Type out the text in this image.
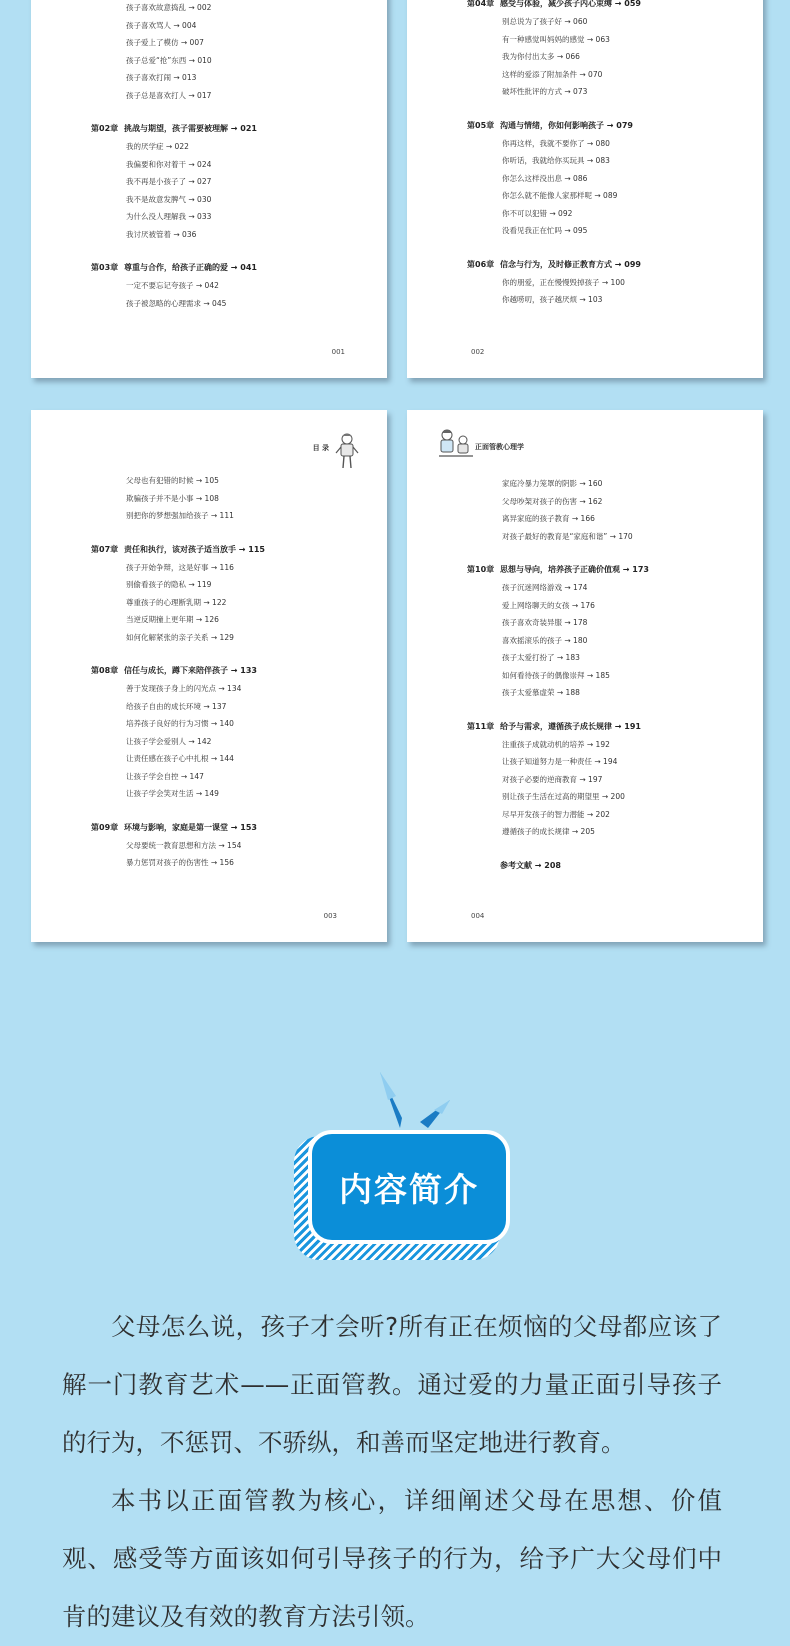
孩子喜欢故意捣乱 → 002
孩子喜欢骂人 → 004
孩子爱上了模仿 → 007
孩子总爱“抢”东西 → 010
孩子喜欢打闹 → 013
孩子总是喜欢打人 → 017
第02章 挑战与期望，孩子需要被理解 → 021
我的厌学症 → 022
我偏要和你对着干 → 024
我不再是小孩子了 → 027
我不是故意发脾气 → 030
为什么没人理解我 → 033
我讨厌被管着 → 036
第03章 尊重与合作，给孩子正确的爱 → 041
一定不要忘记夸孩子 → 042
孩子被忽略的心理需求 → 045
001
第04章 感受与体验，减少孩子内心束缚 → 059
别总说为了孩子好 → 060
有一种感觉叫妈妈的感觉 → 063
我为你付出太多 → 066
这样的爱添了附加条件 → 070
破坏性批评的方式 → 073
第05章 沟通与情绪，你如何影响孩子 → 079
你再这样，我就不要你了 → 080
你听话，我就给你买玩具 → 083
你怎么这样没出息 → 086
你怎么就不能像人家那样呢 → 089
你不可以犯错 → 092
没看见我正在忙吗 → 095
第06章 信念与行为，及时修正教育方式 → 099
你的朋爱，正在慢慢毁掉孩子 → 100
你越唠叨，孩子越厌烦 → 103
002
目 录
父母也有犯错的时候 → 105
欺骗孩子并不是小事 → 108
别把你的梦想强加给孩子 → 111
第07章 责任和执行，该对孩子适当放手 → 115
孩子开始争辩，这是好事 → 116
别偷看孩子的隐私 → 119
尊重孩子的心理断乳期 → 122
当逆反期撞上更年期 → 126
如何化解紧张的亲子关系 → 129
第08章 信任与成长，蹲下来陪伴孩子 → 133
善于发现孩子身上的闪光点 → 134
给孩子自由的成长环境 → 137
培养孩子良好的行为习惯 → 140
让孩子学会爱别人 → 142
让责任感在孩子心中扎根 → 144
让孩子学会自控 → 147
让孩子学会笑对生活 → 149
第09章 环境与影响，家庭是第一课堂 → 153
父母要统一教育思想和方法 → 154
暴力惩罚对孩子的伤害性 → 156
003
正面管教心理学
家庭冷暴力笼罩的阴影 → 160
父母吵架对孩子的伤害 → 162
离异家庭的孩子教育 → 166
对孩子最好的教育是“家庭和谐” → 170
第10章 思想与导向，培养孩子正确价值观 → 173
孩子沉迷网络游戏 → 174
爱上网络聊天的女孩 → 176
孩子喜欢奇装异服 → 178
喜欢摇滚乐的孩子 → 180
孩子太爱打扮了 → 183
如何看待孩子的偶像崇拜 → 185
孩子太爱慕虚荣 → 188
第11章 给予与需求，遵循孩子成长规律 → 191
注重孩子成就动机的培养 → 192
让孩子知道努力是一种责任 → 194
对孩子必要的逆商教育 → 197
别让孩子生活在过高的期望里 → 200
尽早开发孩子的智力潜能 → 202
遵循孩子的成长规律 → 205
参考文献 → 208
004
内容简介

父母怎么说，孩子才会听?所有正在烦恼的父母都应该了解一门教育艺术——正面管教。通过爱的力量正面引导孩子的行为，不惩罚、不骄纵，和善而坚定地进行教育。

本书以正面管教为核心，详细阐述父母在思想、价值观、感受等方面该如何引导孩子的行为，给予广大父母们中肯的建议及有效的教育方法引领。
